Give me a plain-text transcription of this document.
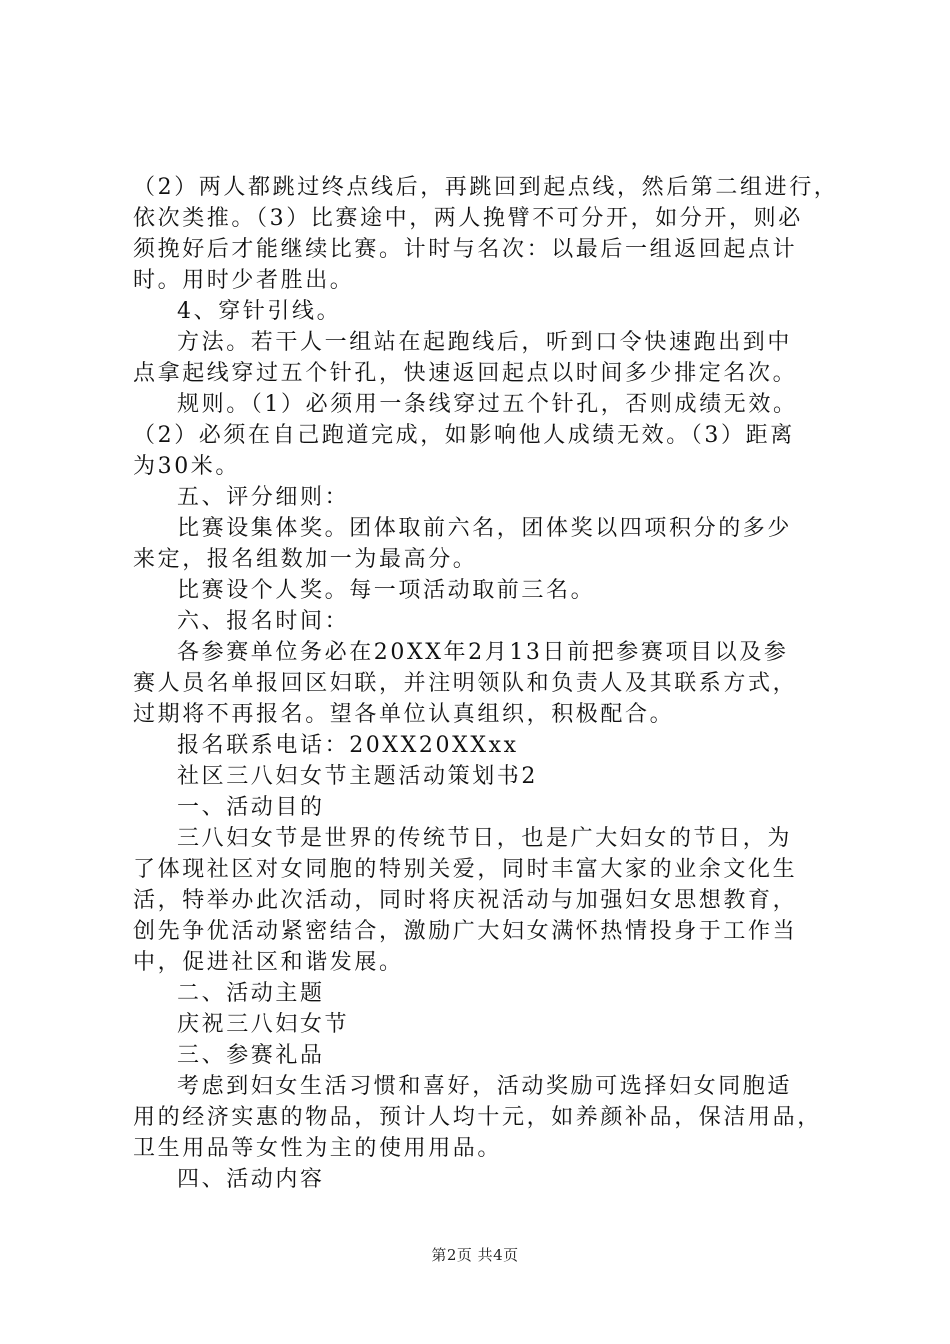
（2）两人都跳过终点线后，再跳回到起点线，然后第二组进行，
依次类推。（3）比赛途中，两人挽臂不可分开，如分开，则必
须挽好后才能继续比赛。计时与名次：以最后一组返回起点计
时。用时少者胜出。
4、穿针引线。
方法。若干人一组站在起跑线后，听到口令快速跑出到中
点拿起线穿过五个针孔，快速返回起点以时间多少排定名次。
规则。（1）必须用一条线穿过五个针孔，否则成绩无效。
（2）必须在自己跑道完成，如影响他人成绩无效。（3）距离
为30米。
五、评分细则：
比赛设集体奖。团体取前六名，团体奖以四项积分的多少
来定，报名组数加一为最高分。
比赛设个人奖。每一项活动取前三名。
六、报名时间：
各参赛单位务必在20XX年2月13日前把参赛项目以及参
赛人员名单报回区妇联，并注明领队和负责人及其联系方式，
过期将不再报名。望各单位认真组织，积极配合。
报名联系电话：20XX20XXxx
社区三八妇女节主题活动策划书2
一、活动目的
三八妇女节是世界的传统节日，也是广大妇女的节日，为
了体现社区对女同胞的特别关爱，同时丰富大家的业余文化生
活，特举办此次活动，同时将庆祝活动与加强妇女思想教育，
创先争优活动紧密结合，激励广大妇女满怀热情投身于工作当
中，促进社区和谐发展。
二、活动主题
庆祝三八妇女节
三、参赛礼品
考虑到妇女生活习惯和喜好，活动奖励可选择妇女同胞适
用的经济实惠的物品，预计人均十元，如养颜补品，保洁用品，
卫生用品等女性为主的使用用品。
四、活动内容
第2页 共4页
